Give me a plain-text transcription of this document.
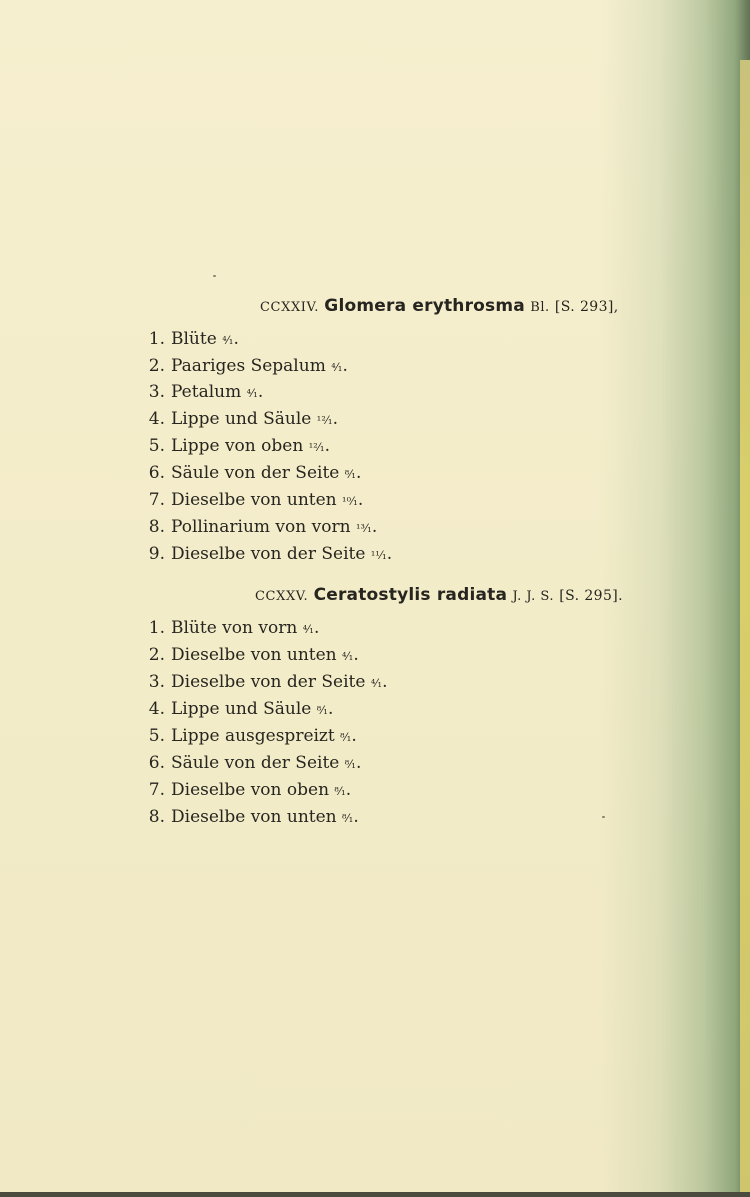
CCXXIV. Glomera erythrosma Bl. [S. 293],
1. Blüte ⁴⁄₁.
2. Paariges Sepalum ⁴⁄₁.
3. Petalum ⁴⁄₁.
4. Lippe und Säule ¹²⁄₁.
5. Lippe von oben ¹²⁄₁.
6. Säule von der Seite ⁸⁄₁.
7. Dieselbe von unten ¹⁰⁄₁.
8. Pollinarium von vorn ¹³⁄₁.
9. Dieselbe von der Seite ¹¹⁄₁.
CCXXV. Ceratostylis radiata J. J. S. [S. 295].
1. Blüte von vorn ⁴⁄₁.
2. Dieselbe von unten ⁴⁄₁.
3. Dieselbe von der Seite ⁴⁄₁.
4. Lippe und Säule ⁸⁄₁.
5. Lippe ausgespreizt ⁸⁄₁.
6. Säule von der Seite ⁸⁄₁.
7. Dieselbe von oben ⁸⁄₁.
8. Dieselbe von unten ⁸⁄₁.
